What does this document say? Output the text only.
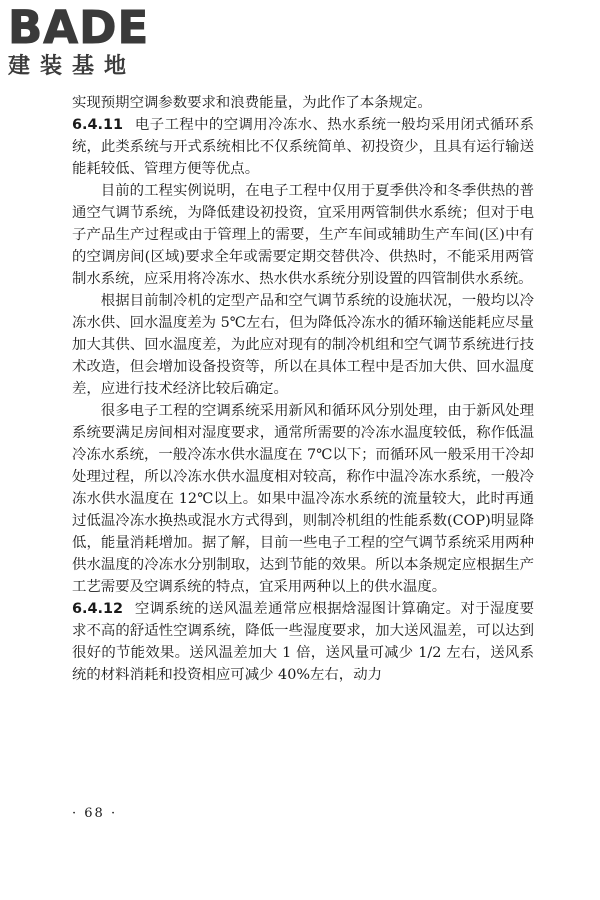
BADE
建装基地

实现预期空调参数要求和浪费能量，为此作了本条规定。

6.4.11 电子工程中的空调用冷冻水、热水系统一般均采用闭式循环系统，此类系统与开式系统相比不仅系统简单、初投资少，且具有运行输送能耗较低、管理方便等优点。

目前的工程实例说明，在电子工程中仅用于夏季供冷和冬季供热的普通空气调节系统，为降低建设初投资，宜采用两管制供水系统；但对于电子产品生产过程或由于管理上的需要，生产车间或辅助生产车间(区)中有的空调房间(区域)要求全年或需要定期交替供冷、供热时，不能采用两管制水系统，应采用将冷冻水、热水供水系统分别设置的四管制供水系统。

根据目前制冷机的定型产品和空气调节系统的设施状况，一般均以冷冻水供、回水温度差为 5℃左右，但为降低冷冻水的循环输送能耗应尽量加大其供、回水温度差，为此应对现有的制冷机组和空气调节系统进行技术改造，但会增加设备投资等，所以在具体工程中是否加大供、回水温度差，应进行技术经济比较后确定。

很多电子工程的空调系统采用新风和循环风分别处理，由于新风处理系统要满足房间相对湿度要求，通常所需要的冷冻水温度较低，称作低温冷冻水系统，一般冷冻水供水温度在 7℃以下；而循环风一般采用干冷却处理过程，所以冷冻水供水温度相对较高，称作中温冷冻水系统，一般冷冻水供水温度在 12℃以上。如果中温冷冻水系统的流量较大，此时再通过低温冷冻水换热或混水方式得到，则制冷机组的性能系数(COP)明显降低，能量消耗增加。据了解，目前一些电子工程的空气调节系统采用两种供水温度的冷冻水分别制取，达到节能的效果。所以本条规定应根据生产工艺需要及空调系统的特点，宜采用两种以上的供水温度。

6.4.12 空调系统的送风温差通常应根据焓湿图计算确定。对于湿度要求不高的舒适性空调系统，降低一些湿度要求，加大送风温差，可以达到很好的节能效果。送风温差加大 1 倍，送风量可减少 1/2 左右，送风系统的材料消耗和投资相应可减少 40%左右，动力

· 68 ·
